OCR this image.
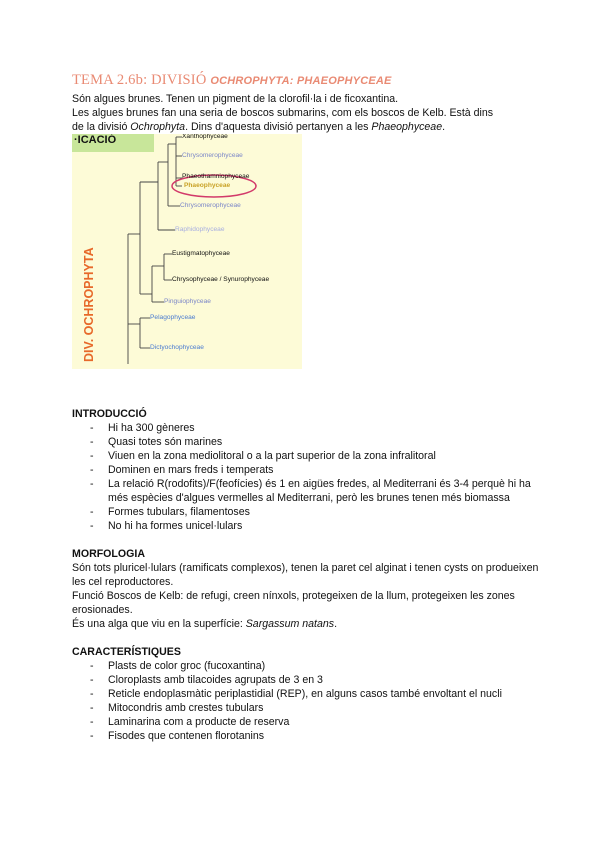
TEMA 2.6b: DIVISIÓ OCHROPHYTA: PHAEOPHYCEAE

Són algues brunes. Tenen un pigment de la clorofil·la i de ficoxantina.

Les algues brunes fan una seria de boscos submarins, com els boscos de Kelb. Està dins

de la divisió Ochrophyta. Dins d'aquesta divisió pertanyen a les Phaeophyceae.

·ICACIÓ
DIV. OCHROPHYTA
Xanthophyceae
Chrysomerophyceae
Phaeothamniophyceae
Phaeophyceae
Chrysomerophyceae
Raphidophyceae
Eustigmatophyceae
Chrysophyceae / Synurophyceae
Pinguiophyceae
Pelagophyceae
Dictyochophyceae
INTRODUCCIÓ
- Hi ha 300 gèneres
- Quasi totes són marines
- Viuen en la zona mediolitoral o a la part superior de la zona infralitoral
- Dominen en mars freds i temperats
- La relació R(rodofits)/F(feofícies) és 1 en aigües fredes, al Mediterrani és 3-4 perquè hi ha més espècies d'algues vermelles al Mediterrani, però les brunes tenen més biomassa
- Formes tubulars, filamentoses
- No hi ha formes unicel·lulars
MORFOLOGIA

Són tots pluricel·lulars (ramificats complexos), tenen la paret cel alginat i tenen cysts on produeixen les cel reproductores.

Funció Boscos de Kelb: de refugi, creen nínxols, protegeixen de la llum, protegeixen les zones erosionades.

És una alga que viu en la superfície: Sargassum natans.

CARACTERÍSTIQUES
- Plasts de color groc (fucoxantina)
- Cloroplasts amb tilacoides agrupats de 3 en 3
- Reticle endoplasmàtic periplastidial (REP), en alguns casos també envoltant el nucli
- Mitocondris amb crestes tubulars
- Laminarina com a producte de reserva
- Fisodes que contenen florotanins
